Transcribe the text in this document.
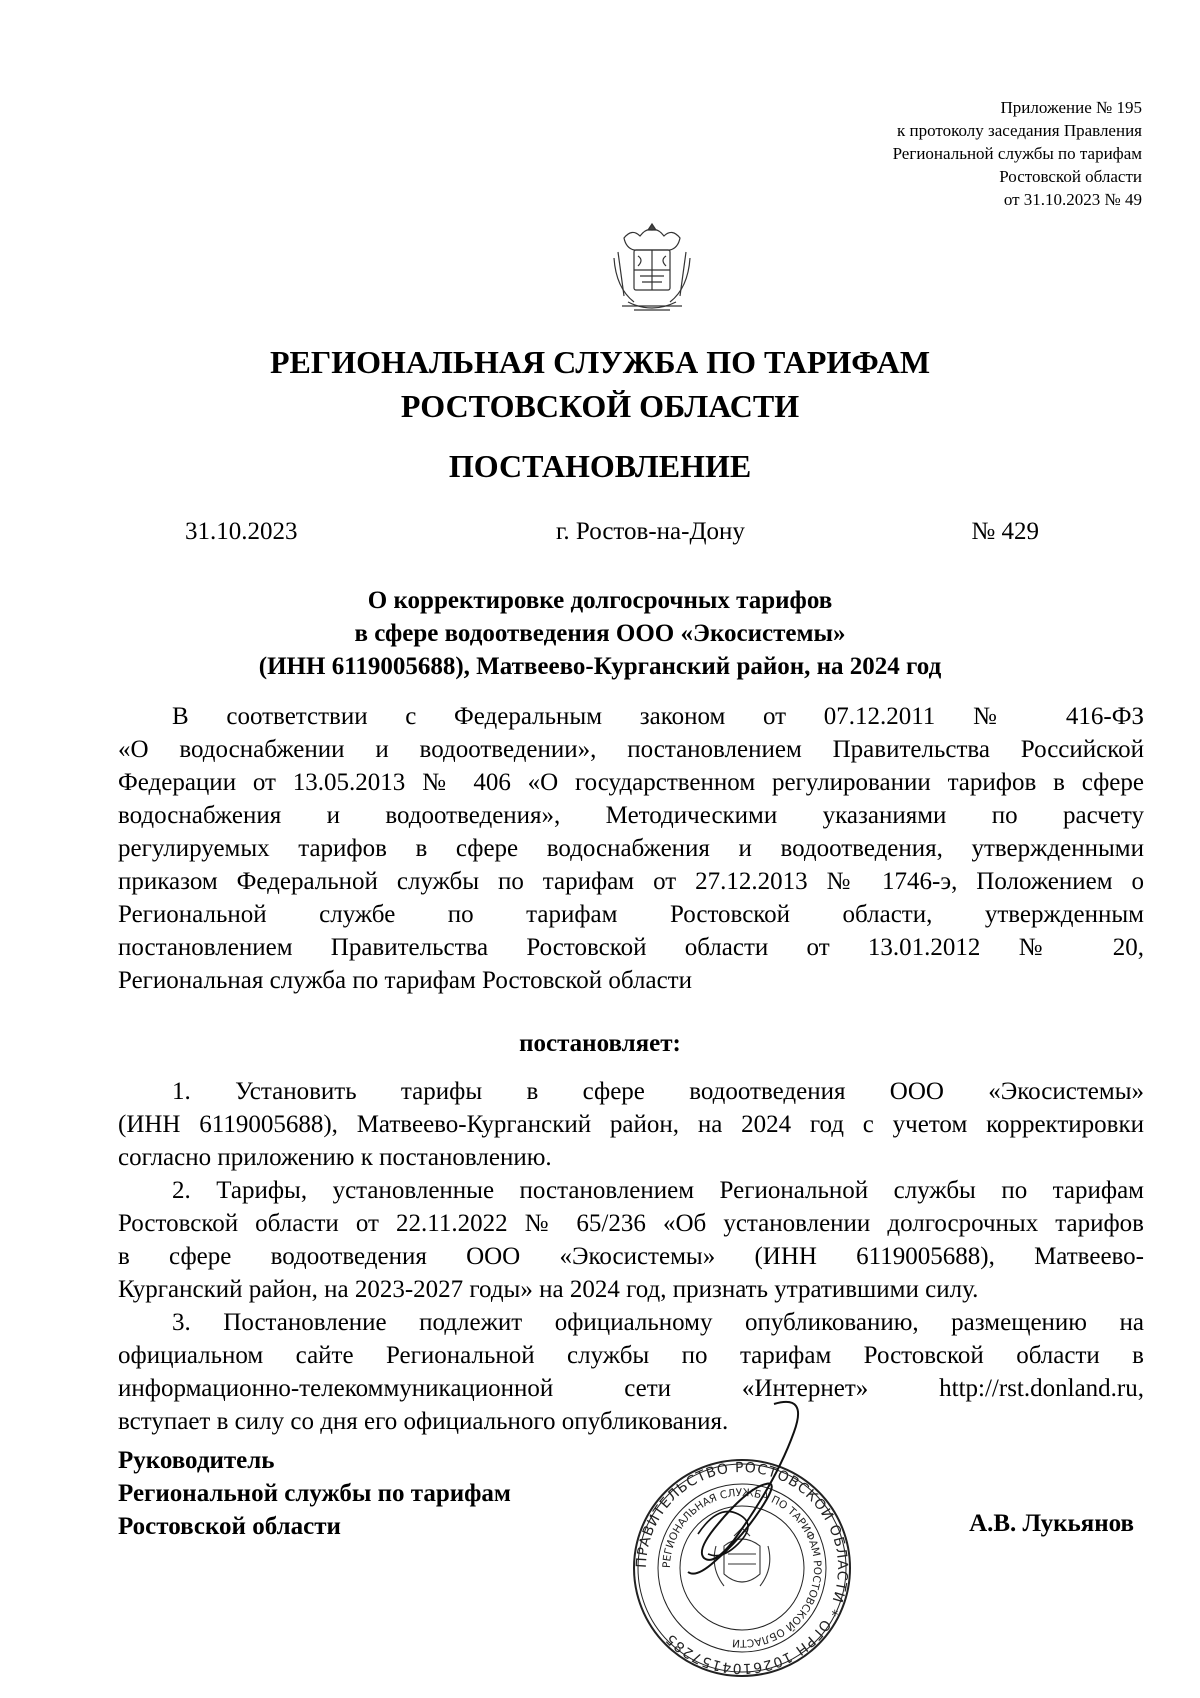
Приложение № 195
к протоколу заседания Правления
Региональной службы по тарифам
Ростовской области
от 31.10.2023 № 49
РЕГИОНАЛЬНАЯ СЛУЖБА ПО ТАРИФАМ
РОСТОВСКОЙ ОБЛАСТИ
ПОСТАНОВЛЕНИЕ
31.10.2023	г. Ростов-на-Дону	№ 429
О корректировке долгосрочных тарифов
в сфере водоотведения ООО «Экосистемы»
(ИНН 6119005688), Матвеево-Курганский район, на 2024 год
В соответствии с Федеральным законом от 07.12.2011 № 416-ФЗ
«О водоснабжении и водоотведении», постановлением Правительства Российской
Федерации от 13.05.2013 № 406 «О государственном регулировании тарифов в сфере
водоснабжения и водоотведения», Методическими указаниями по расчету
регулируемых тарифов в сфере водоснабжения и водоотведения, утвержденными
приказом Федеральной службы по тарифам от 27.12.2013 № 1746-э, Положением о
Региональной службе по тарифам Ростовской области, утвержденным
постановлением Правительства Ростовской области от 13.01.2012 № 20,
Региональная служба по тарифам Ростовской области
постановляет:
1. Установить тарифы в сфере водоотведения ООО «Экосистемы»
(ИНН 6119005688), Матвеево-Курганский район, на 2024 год с учетом корректировки
согласно приложению к постановлению.
2. Тарифы, установленные постановлением Региональной службы по тарифам
Ростовской области от 22.11.2022 № 65/236 «Об установлении долгосрочных тарифов
в сфере водоотведения ООО «Экосистемы» (ИНН 6119005688), Матвеево-
Курганский район, на 2023-2027 годы» на 2024 год, признать утратившими силу.
3. Постановление подлежит официальному опубликованию, размещению на
официальном сайте Региональной службы по тарифам Ростовской области в
информационно-телекоммуникационной сети «Интернет» http://rst.donland.ru,
вступает в силу со дня его официального опубликования.
Руководитель
Региональной службы по тарифам
Ростовской области
ПРАВИТЕЛЬСТВО РОСТОВСКОЙ ОБЛАСТИ * ОГРН 1026104157285
РЕГИОНАЛЬНАЯ СЛУЖБА ПО ТАРИФАМ РОСТОВСКОЙ ОБЛАСТИ
А.В. Лукьянов
